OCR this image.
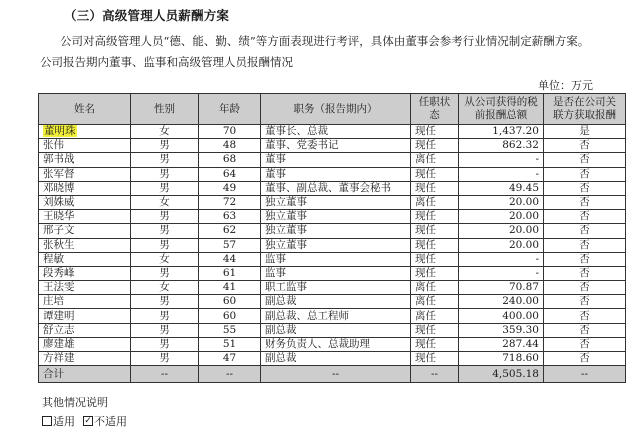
（三）高级管理人员薪酬方案
公司对高级管理人员“德、能、勤、绩”等方面表现进行考评，具体由董事会参考行业情况制定薪酬方案。
公司报告期内董事、监事和高级管理人员报酬情况
单位：万元
姓名	性别	年龄	职务（报告期内）	任职状态	从公司获得的税前报酬总额	是否在公司关联方获取报酬
董明珠	女	70	董事长、总裁	现任	1,437.20	是
张伟	男	48	董事、党委书记	现任	862.32	否
郭书战	男	68	董事	离任	-	否
张军督	男	64	董事	现任	-	否
邓晓博	男	49	董事、副总裁、董事会秘书	现任	49.45	否
刘姝威	女	72	独立董事	离任	20.00	否
王晓华	男	63	独立董事	现任	20.00	否
邢子文	男	62	独立董事	现任	20.00	否
张秋生	男	57	独立董事	现任	20.00	否
程敏	女	44	监事	现任	-	否
段秀峰	男	61	监事	现任	-	否
王法雯	女	41	职工监事	离任	70.87	否
庄培	男	60	副总裁	离任	240.00	否
谭建明	男	60	副总裁、总工程师	离任	400.00	否
舒立志	男	55	副总裁	现任	359.30	否
廖建雄	男	51	财务负责人、总裁助理	现任	287.44	否
方祥建	男	47	副总裁	现任	718.60	否
合计	--	--	--	--	4,505.18	--
其他情况说明
适用 ✓ 不适用
